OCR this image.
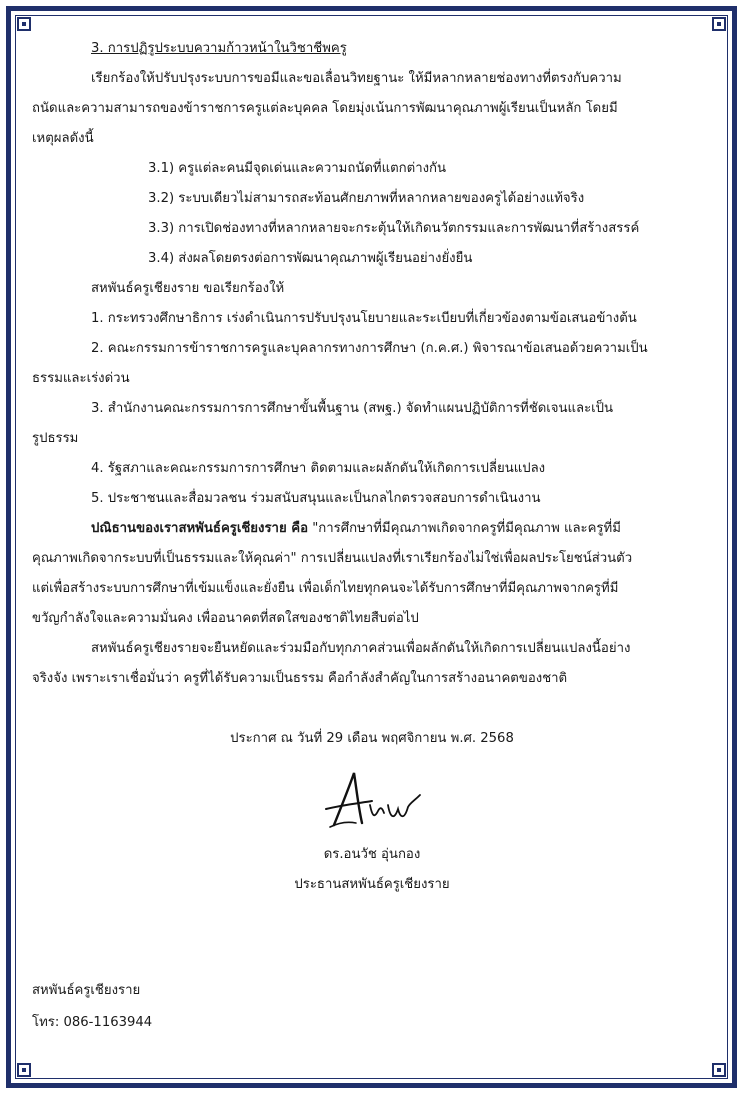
3. การปฏิรูประบบความก้าวหน้าในวิชาชีพครู

เรียกร้องให้ปรับปรุงระบบการขอมีและขอเลื่อนวิทยฐานะ ให้มีหลากหลายช่องทางที่ตรงกับความ

ถนัดและความสามารถของข้าราชการครูแต่ละบุคคล โดยมุ่งเน้นการพัฒนาคุณภาพผู้เรียนเป็นหลัก โดยมี

เหตุผลดังนี้

3.1) ครูแต่ละคนมีจุดเด่นและความถนัดที่แตกต่างกัน

3.2) ระบบเดียวไม่สามารถสะท้อนศักยภาพที่หลากหลายของครูได้อย่างแท้จริง

3.3) การเปิดช่องทางที่หลากหลายจะกระตุ้นให้เกิดนวัตกรรมและการพัฒนาที่สร้างสรรค์

3.4) ส่งผลโดยตรงต่อการพัฒนาคุณภาพผู้เรียนอย่างยั่งยืน

สหพันธ์ครูเชียงราย ขอเรียกร้องให้

1. กระทรวงศึกษาธิการ เร่งดำเนินการปรับปรุงนโยบายและระเบียบที่เกี่ยวข้องตามข้อเสนอข้างต้น

2. คณะกรรมการข้าราชการครูและบุคลากรทางการศึกษา (ก.ค.ศ.) พิจารณาข้อเสนอด้วยความเป็น

ธรรมและเร่งด่วน

3. สำนักงานคณะกรรมการการศึกษาขั้นพื้นฐาน (สพฐ.) จัดทำแผนปฏิบัติการที่ชัดเจนและเป็น

รูปธรรม

4. รัฐสภาและคณะกรรมการการศึกษา ติดตามและผลักดันให้เกิดการเปลี่ยนแปลง

5. ประชาชนและสื่อมวลชน ร่วมสนับสนุนและเป็นกลไกตรวจสอบการดำเนินงาน

ปณิธานของเราสหพันธ์ครูเชียงราย คือ "การศึกษาที่มีคุณภาพเกิดจากครูที่มีคุณภาพ และครูที่มี

คุณภาพเกิดจากระบบที่เป็นธรรมและให้คุณค่า" การเปลี่ยนแปลงที่เราเรียกร้องไม่ใช่เพื่อผลประโยชน์ส่วนตัว

แต่เพื่อสร้างระบบการศึกษาที่เข้มแข็งและยั่งยืน เพื่อเด็กไทยทุกคนจะได้รับการศึกษาที่มีคุณภาพจากครูที่มี

ขวัญกำลังใจและความมั่นคง เพื่ออนาคตที่สดใสของชาติไทยสืบต่อไป

สหพันธ์ครูเชียงรายจะยืนหยัดและร่วมมือกับทุกภาคส่วนเพื่อผลักดันให้เกิดการเปลี่ยนแปลงนี้อย่าง

จริงจัง เพราะเราเชื่อมั่นว่า ครูที่ได้รับความเป็นธรรม คือกำลังสำคัญในการสร้างอนาคตของชาติ

ประกาศ ณ วันที่ 29 เดือน พฤศจิกายน พ.ศ. 2568

ดร.อนวัช อุ่นกอง

ประธานสหพันธ์ครูเชียงราย

สหพันธ์ครูเชียงราย

โทร: 086-1163944
